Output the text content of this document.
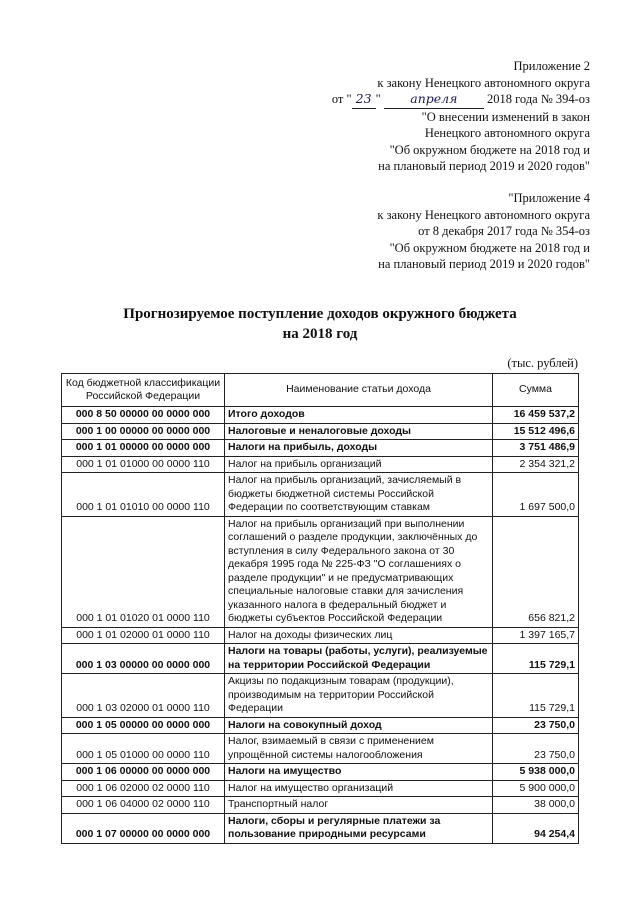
Приложение 2
к закону Ненецкого автономного округа
от " 23 " апреля 2018 года № 394-оз
"О внесении изменений в закон
Ненецкого автономного округа
"Об окружном бюджете на 2018 год и
на плановый период 2019 и 2020 годов"
"Приложение 4
к закону Ненецкого автономного округа
от 8 декабря 2017 года № 354-оз
"Об окружном бюджете на 2018 год и
на плановый период 2019 и 2020 годов"
Прогнозируемое поступление доходов окружного бюджета
на 2018 год
(тыс. рублей)
Код бюджетной классификации Российской Федерации	Наименование статьи дохода	Сумма
000 8 50 00000 00 0000 000	Итого доходов	16 459 537,2
000 1 00 00000 00 0000 000	Налоговые и неналоговые доходы	15 512 496,6
000 1 01 00000 00 0000 000	Налоги на прибыль, доходы	3 751 486,9
000 1 01 01000 00 0000 110	Налог на прибыль организаций	2 354 321,2
000 1 01 01010 00 0000 110	Налог на прибыль организаций, зачисляемый в бюджеты бюджетной системы Российской Федерации по соответствующим ставкам	1 697 500,0
000 1 01 01020 01 0000 110	Налог на прибыль организаций при выполнении соглашений о разделе продукции, заключённых до вступления в силу Федерального закона от 30 декабря 1995 года № 225-ФЗ "О соглашениях о разделе продукции" и не предусматривающих специальные налоговые ставки для зачисления указанного налога в федеральный бюджет и бюджеты субъектов Российской Федерации	656 821,2
000 1 01 02000 01 0000 110	Налог на доходы физических лиц	1 397 165,7
000 1 03 00000 00 0000 000	Налоги на товары (работы, услуги), реализуемые на территории Российской Федерации	115 729,1
000 1 03 02000 01 0000 110	Акцизы по подакцизным товарам (продукции), производимым на территории Российской Федерации	115 729,1
000 1 05 00000 00 0000 000	Налоги на совокупный доход	23 750,0
000 1 05 01000 00 0000 110	Налог, взимаемый в связи с применением упрощённой системы налогообложения	23 750,0
000 1 06 00000 00 0000 000	Налоги на имущество	5 938 000,0
000 1 06 02000 02 0000 110	Налог на имущество организаций	5 900 000,0
000 1 06 04000 02 0000 110	Транспортный налог	38 000,0
000 1 07 00000 00 0000 000	Налоги, сборы и регулярные платежи за пользование природными ресурсами	94 254,4
